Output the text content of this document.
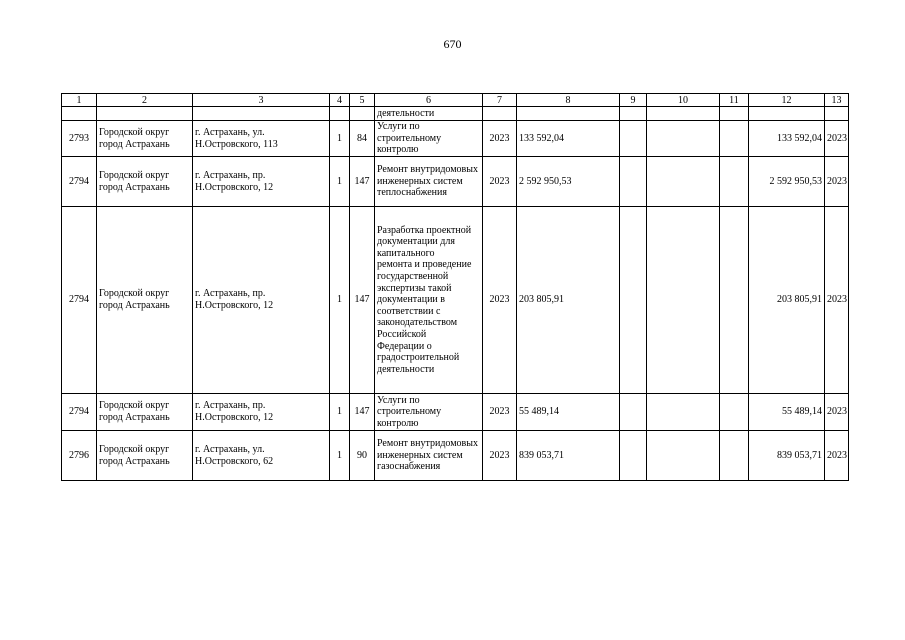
670
1	2	3	4	5	6	7	8	9	10	11	12	13
					деятельности							
2793	Городской округ город Астрахань	г. Астрахань, ул. Н.Островского, 113	1	84	Услуги по строительному контролю	2023	133 592,04				133 592,04	2023
2794	Городской округ город Астрахань	г. Астрахань, пр. Н.Островского, 12	1	147	Ремонт внутридомовых инженерных систем теплоснабжения	2023	2 592 950,53				2 592 950,53	2023
2794	Городской округ город Астрахань	г. Астрахань, пр. Н.Островского, 12	1	147	Разработка проектной документации для капитального ремонта и проведение государственной экспертизы такой документации в соответствии с законодательством Российской Федерации о градостроительной деятельности	2023	203 805,91				203 805,91	2023
2794	Городской округ город Астрахань	г. Астрахань, пр. Н.Островского, 12	1	147	Услуги по строительному контролю	2023	55 489,14				55 489,14	2023
2796	Городской округ город Астрахань	г. Астрахань, ул. Н.Островского, 62	1	90	Ремонт внутридомовых инженерных систем газоснабжения	2023	839 053,71				839 053,71	2023
